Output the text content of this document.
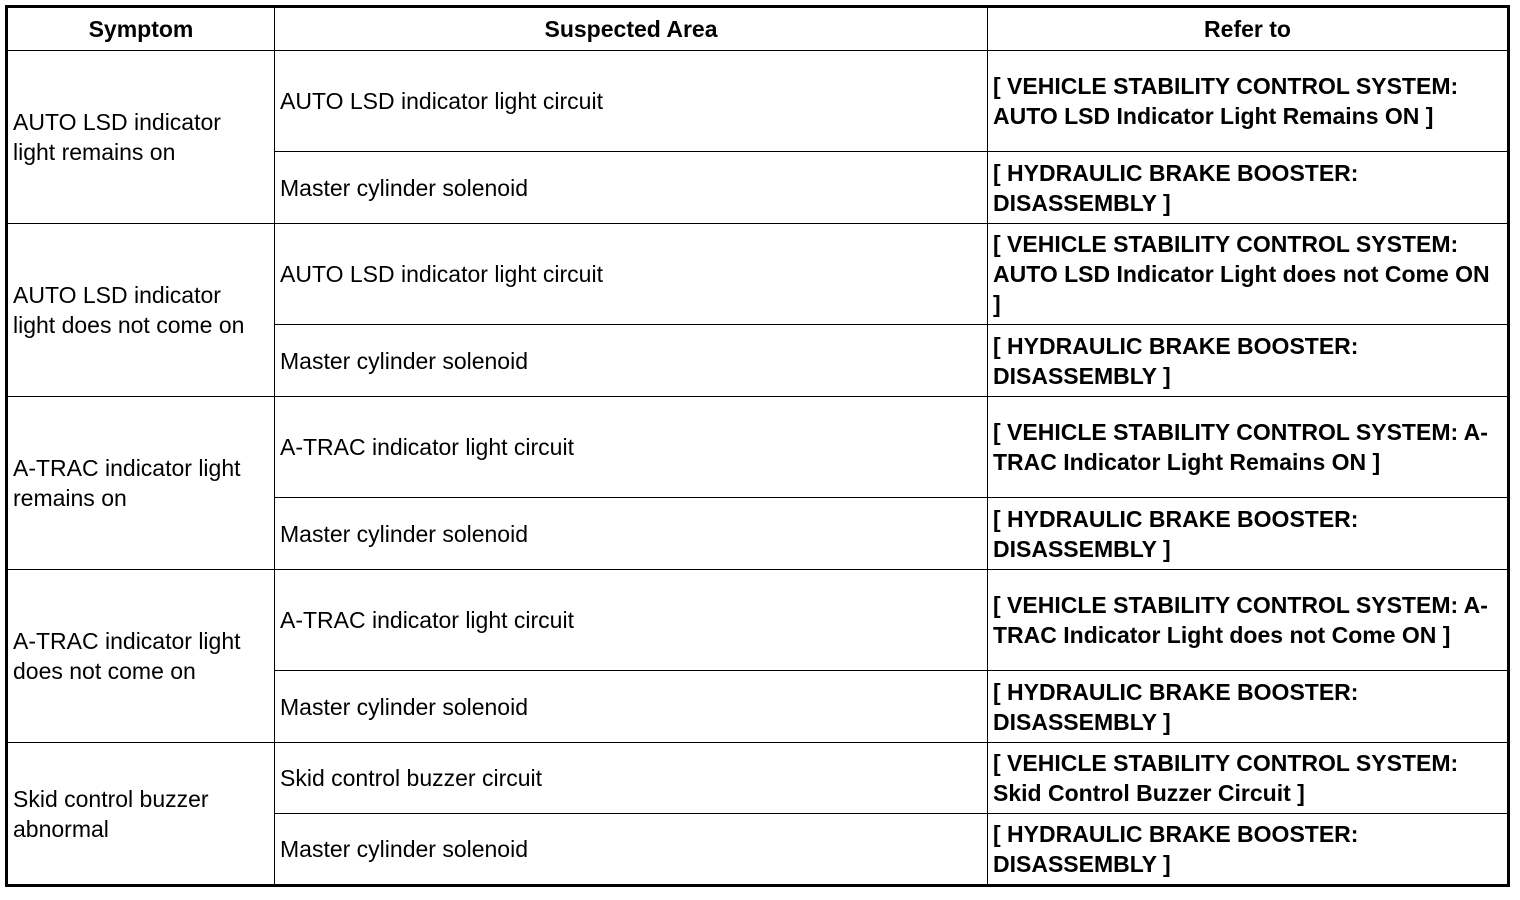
Symptom	Suspected Area	Refer to
AUTO LSD indicator light remains on	AUTO LSD indicator light circuit	[ VEHICLE STABILITY CONTROL SYSTEM: AUTO LSD Indicator Light Remains ON ]
	Master cylinder solenoid	[ HYDRAULIC BRAKE BOOSTER: DISASSEMBLY ]
AUTO LSD indicator light does not come on	AUTO LSD indicator light circuit	[ VEHICLE STABILITY CONTROL SYSTEM: AUTO LSD Indicator Light does not Come ON ]
	Master cylinder solenoid	[ HYDRAULIC BRAKE BOOSTER: DISASSEMBLY ]
A-TRAC indicator light remains on	A-TRAC indicator light circuit	[ VEHICLE STABILITY CONTROL SYSTEM: A-TRAC Indicator Light Remains ON ]
	Master cylinder solenoid	[ HYDRAULIC BRAKE BOOSTER: DISASSEMBLY ]
A-TRAC indicator light does not come on	A-TRAC indicator light circuit	[ VEHICLE STABILITY CONTROL SYSTEM: A-TRAC Indicator Light does not Come ON ]
	Master cylinder solenoid	[ HYDRAULIC BRAKE BOOSTER: DISASSEMBLY ]
Skid control buzzer abnormal	Skid control buzzer circuit	[ VEHICLE STABILITY CONTROL SYSTEM: Skid Control Buzzer Circuit ]
	Master cylinder solenoid	[ HYDRAULIC BRAKE BOOSTER: DISASSEMBLY ]
